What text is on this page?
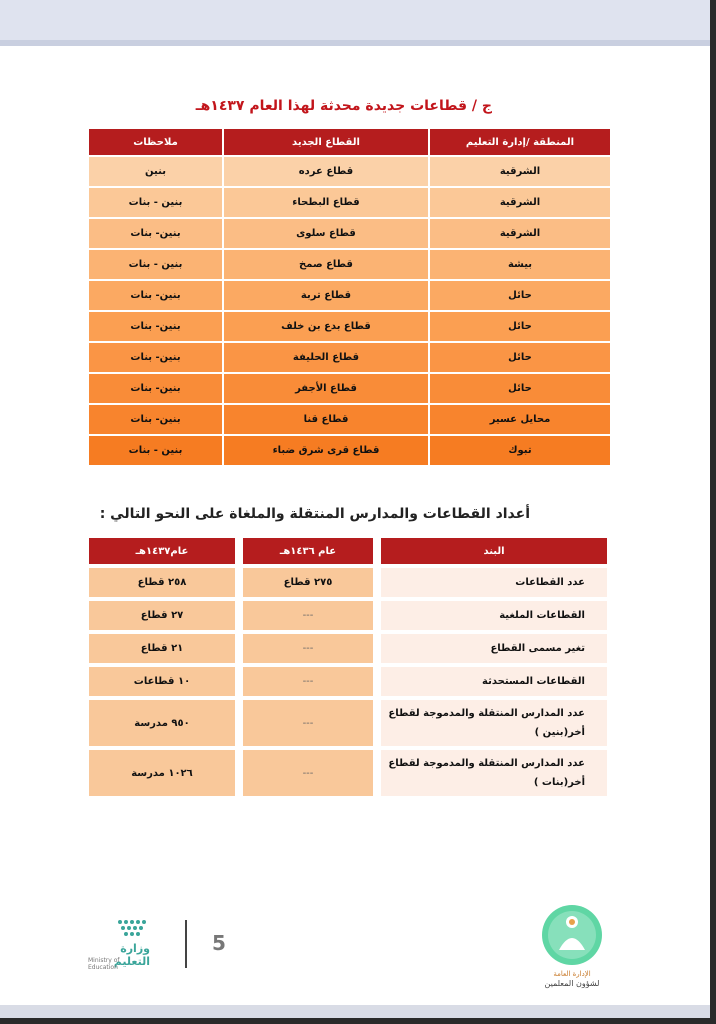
ج / قطاعات جديدة محدثة لهذا العام ١٤٣٧هـ
المنطقة /إدارة التعليم	القطاع الجديد	ملاحظات
الشرقية	قطاع عرده	بنين
الشرقية	قطاع البطحاء	بنين - بنات
الشرقية	قطاع سلوى	بنين- بنات
بيشة	قطاع صمخ	بنين - بنات
حائل	قطاع تربة	بنين- بنات
حائل	قطاع بدع بن خلف	بنين- بنات
حائل	قطاع الحليفة	بنين- بنات
حائل	قطاع الأجفر	بنين- بنات
محايل عسير	قطاع قنا	بنين- بنات
تبوك	قطاع قرى شرق ضباء	بنين - بنات
أعداد القطاعات والمدارس المنتقلة والملغاة على النحو التالي :
البند	عام ١٤٣٦هـ	عام١٤٣٧هـ
عدد القطاعات	٢٧٥ قطاع	٢٥٨ قطاع
القطاعات الملغية	---	٢٧ قطاع
تغير مسمى القطاع	---	٢١ قطاع
القطاعات المستحدثة	---	١٠ قطاعات

عدد المدارس المنتقلة والمدموجة لقطاع
أخر(بنين )	---	٩٥٠ مدرسة

عدد المدارس المنتقلة والمدموجة لقطاع
أخر(بنات )	---	١٠٢٦ مدرسة
وزارة التعليم
Ministry of Education
5
الإدارة العامة
لشؤون المعلمين
